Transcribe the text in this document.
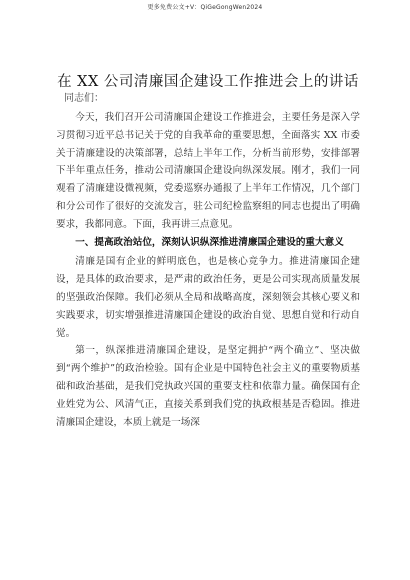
更多免费公文+V：QiGeGongWen2024
在 XX 公司清廉国企建设工作推进会上的讲话

同志们：

今天，我们召开公司清廉国企建设工作推进会，主要任务是深入学习贯彻习近平总书记关于党的自我革命的重要思想，全面落实 XX 市委关于清廉建设的决策部署，总结上半年工作，分析当前形势，安排部署下半年重点任务，推动公司清廉国企建设向纵深发展。刚才，我们一同观看了清廉建设微视频，党委巡察办通报了上半年工作情况，几个部门和分公司作了很好的交流发言，驻公司纪检监察组的同志也提出了明确要求，我都同意。下面，我再讲三点意见。

一、提高政治站位，深刻认识纵深推进清廉国企建设的重大意义

清廉是国有企业的鲜明底色，也是核心竞争力。推进清廉国企建设，是具体的政治要求，是严肃的政治任务，更是公司实现高质量发展的坚强政治保障。我们必须从全局和战略高度，深刻领会其核心要义和实践要求，切实增强推进清廉国企建设的政治自觉、思想自觉和行动自觉。

第一，纵深推进清廉国企建设，是坚定拥护“两个确立”、坚决做到“两个维护”的政治检验。国有企业是中国特色社会主义的重要物质基础和政治基础，是我们党执政兴国的重要支柱和依靠力量。确保国有企业姓党为公、风清气正，直接关系到我们党的执政根基是否稳固。推进清廉国企建设，本质上就是一场深
